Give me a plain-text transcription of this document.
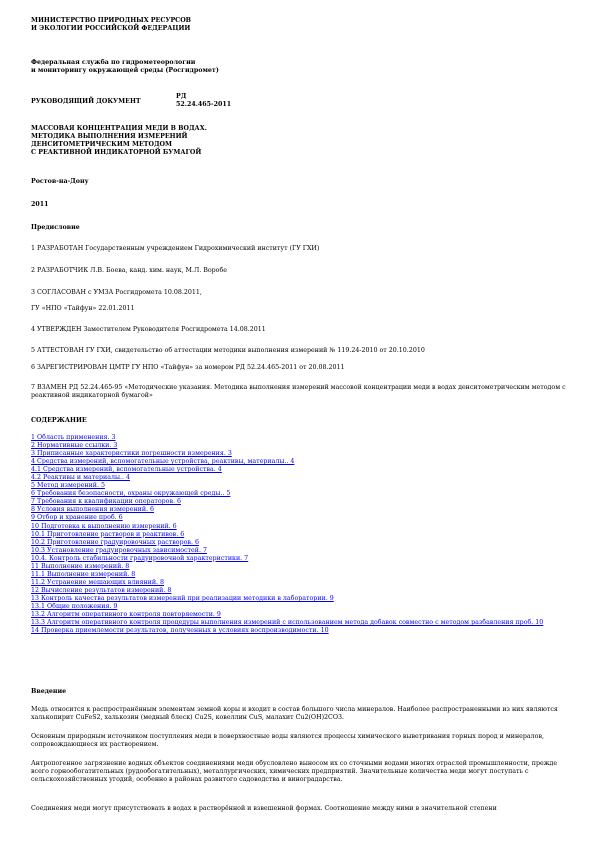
МИНИСТЕРСТВО ПРИРОДНЫХ РЕСУРСОВ
И ЭКОЛОГИИ РОССИЙСКОЙ ФЕДЕРАЦИИ
Федеральная служба по гидрометеорологии
и мониторингу окружающей среды (Росгидромет)
РУКОВОДЯЩИЙ ДОКУМЕНТ
РД
52.24.465-2011
МАССОВАЯ КОНЦЕНТРАЦИЯ МЕДИ В ВОДАХ.
МЕТОДИКА ВЫПОЛНЕНИЯ ИЗМЕРЕНИЙ
ДЕНСИТОМЕТРИЧЕСКИМ МЕТОДОМ
С РЕАКТИВНОЙ ИНДИКАТОРНОЙ БУМАГОЙ
Ростов-на-Дону
2011
Предисловие
1 РАЗРАБОТАН Государственным учреждением Гидрохимический институт (ГУ ГХИ)
2 РАЗРАБОТЧИК Л.В. Боева, канд. хим. наук, М.Л. Воробе
3 СОГЛАСОВАН с УМЗА Росгидромета 10.08.2011,
ГУ «НПО «Тайфун» 22.01.2011
4 УТВЕРЖДЕН Заместителем Руководителя Росгидромета 14.08.2011
5 АТТЕСТОВАН ГУ ГХИ, свидетельство об аттестации методики выполнения измерений № 119.24-2010 от 20.10.2010
6 ЗАРЕГИСТРИРОВАН ЦМТР ГУ НПО «Тайфун» за номером РД 52.24.465-2011 от 20.08.2011
7 ВЗАМЕН РД 52.24.465-95 «Методические указания. Методика выполнения измерений массовой концентрации меди в водах денситометрическим методом с реактивной индикаторной бумагой»
СОДЕРЖАНИЕ
1 Область применения. 3
2 Нормативные ссылки. 3
3 Приписанные характеристики погрешности измерения. 3
4 Средства измерений, вспомогательные устройства, реактивы, материалы.. 4
4.1 Средства измерений, вспомогательные устройства. 4
4.2 Реактивы и материалы.. 4
5 Метод измерений. 5
6 Требования безопасности, охраны окружающей среды.. 5
7 Требования к квалификации операторов. 6
8 Условия выполнения измерений. 6
9 Отбор и хранение проб. 6
10 Подготовка к выполнению измерений. 6
10.1 Приготовление растворов и реактивов. 6
10.2 Приготовление градуировочных растворов. 6
10.3 Установление градуировочных зависимостей. 7
10.4. Контроль стабильности градуировочной характеристики. 7
11 Выполнение измерений. 8
11.1 Выполнение измерений. 8
11.2 Устранение мешающих влияний. 8
12 Вычисление результатов измерений. 8
13 Контроль качества результатов измерений при реализации методики в лаборатории. 9
13.1 Общие положения. 9
13.2 Алгоритм оперативного контроля повторяемости. 9
13.3 Алгоритм оперативного контроля процедуры выполнения измерений с использованием метода добавок совместно с методом разбавления проб. 10
14 Проверка приемлемости результатов, полученных в условиях воспроизводимости. 10
Введение
Медь относится к распространённым элементам земной коры и входит в состав большого числа минералов. Наиболее распространенными из них являются халькопирит CuFeS2, халькозин (медный блеск) Cu2S, ковеллин CuS, малахит Cu2(OH)2CO3.
Основным природным источником поступления меди в поверхностные воды являются процессы химического выветривания горных пород и минералов, сопровождающиеся их растворением.
Антропогенное загрязнение водных объектов соединениями меди обусловлено выносом их со сточными водами многих отраслей промышленности, прежде всего горнообогатительных (рудообогатительных), металлургических, химических предприятий. Значительные количества меди могут поступать с сельскохозяйственных угодий, особенно в районах развитого садоводства и виноградарства.
Соединения меди могут присутствовать в водах в растворённой и взвешенной формах. Соотношение между ними в значительной степени
